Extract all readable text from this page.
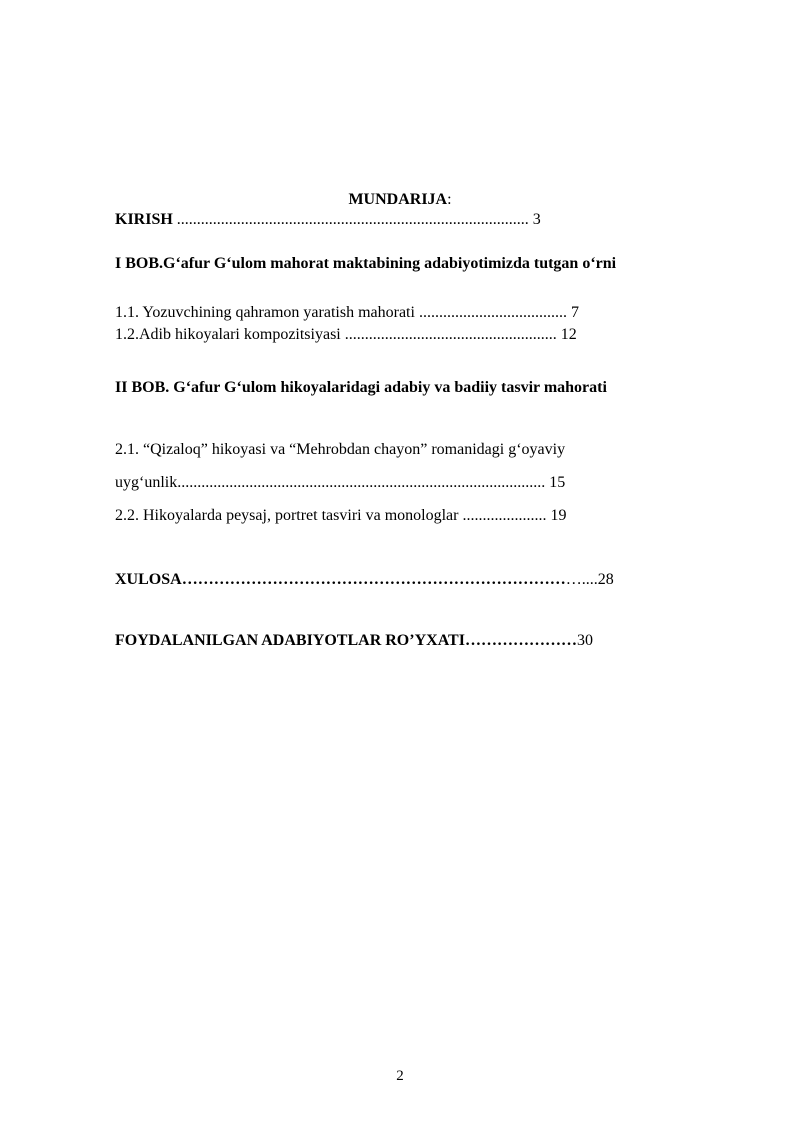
MUNDARIJA:
KIRISH ........................................................................................ 3
I BOB.G‘afur G‘ulom mahorat maktabining adabiyotimizda tutgan o‘rni
1.1. Yozuvchining qahramon yaratish mahorati ..................................... 7
1.2.Adib hikoyalari kompozitsiyasi ..................................................... 12
II BOB. G‘afur G‘ulom hikoyalaridagi adabiy va badiiy tasvir mahorati
2.1. “Qizaloq” hikoyasi va “Mehrobdan chayon” romanidagi g‘oyaviy
uyg‘unlik............................................................................................ 15
2.2. Hikoyalarda peysaj, portret tasviri va monologlar ..................... 19
XULOSA…………………………………………………………………....28
FOYDALANILGAN ADABIYOTLAR RO’YXATI…………………30
2
